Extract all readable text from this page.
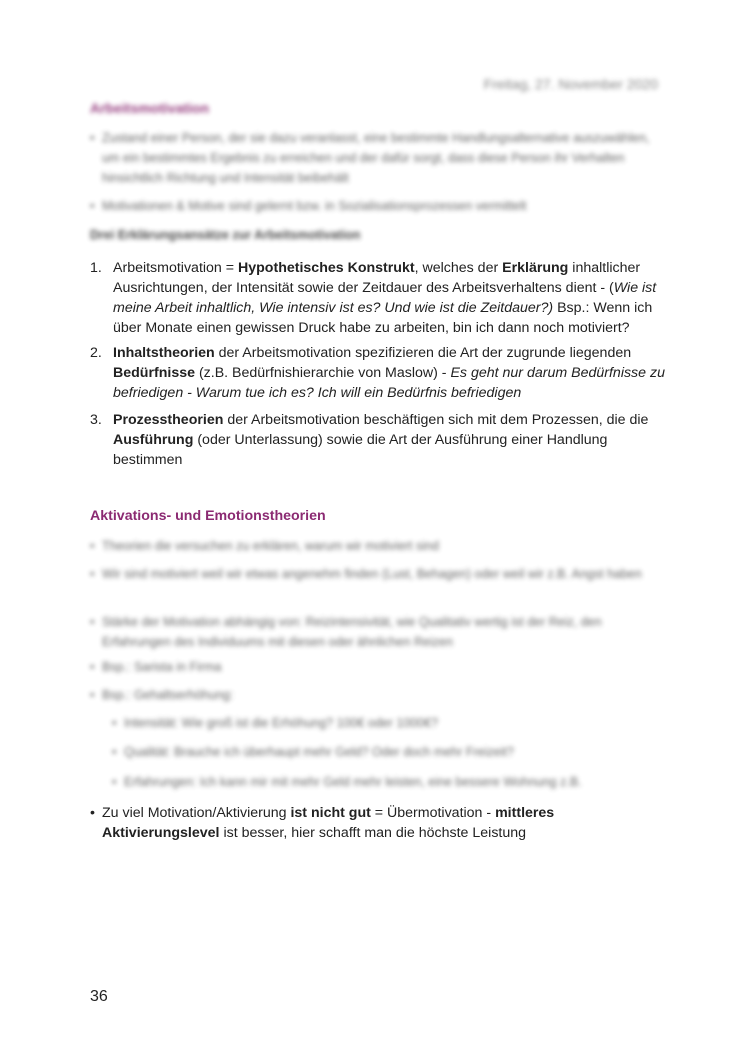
Freitag, 27. November 2020
Arbeitsmotivation
• Zustand einer Person, der sie dazu veranlasst, eine bestimmte Handlungsalternative auszuwählen, um ein bestimmtes Ergebnis zu erreichen und der dafür sorgt, dass diese Person ihr Verhalten hinsichtlich Richtung und Intensität beibehält
• Motivationen & Motive sind gelernt bzw. in Sozialisationsprozessen vermittelt
Drei Erklärungsansätze zur Arbeitsmotivation
1. Arbeitsmotivation = Hypothetisches Konstrukt, welches der Erklärung inhaltlicher Ausrichtungen, der Intensität sowie der Zeitdauer des Arbeitsverhaltens dient - (Wie ist meine Arbeit inhaltlich, Wie intensiv ist es? Und wie ist die Zeitdauer?) Bsp.: Wenn ich über Monate einen gewissen Druck habe zu arbeiten, bin ich dann noch motiviert?
2. Inhaltstheorien der Arbeitsmotivation spezifizieren die Art der zugrunde liegenden Bedürfnisse (z.B. Bedürfnishierarchie von Maslow) - Es geht nur darum Bedürfnisse zu befriedigen - Warum tue ich es? Ich will ein Bedürfnis befriedigen
3. Prozesstheorien der Arbeitsmotivation beschäftigen sich mit dem Prozessen, die die Ausführung (oder Unterlassung) sowie die Art der Ausführung einer Handlung bestimmen
Aktivations- und Emotionstheorien
• Theorien die versuchen zu erklären, warum wir motiviert sind
• Wir sind motiviert weil wir etwas angenehm finden (Lust, Behagen) oder weil wir z.B. Angst haben
• Stärke der Motivation abhängig von: Reizintensivität, wie Qualitativ wertig ist der Reiz, den Erfahrungen des Individuums mit diesen oder ähnlichen Reizen
• Bsp.: Sarista in Firma
• Bsp.: Gehaltserhöhung:
• Intensität: Wie groß ist die Erhöhung? 100€ oder 1000€?
• Qualität: Brauche ich überhaupt mehr Geld? Oder doch mehr Freizeit?
• Erfahrungen: Ich kann mir mit mehr Geld mehr leisten, eine bessere Wohnung z.B.
• Zu viel Motivation/Aktivierung ist nicht gut = Übermotivation - mittleres Aktivierungslevel ist besser, hier schafft man die höchste Leistung
36
